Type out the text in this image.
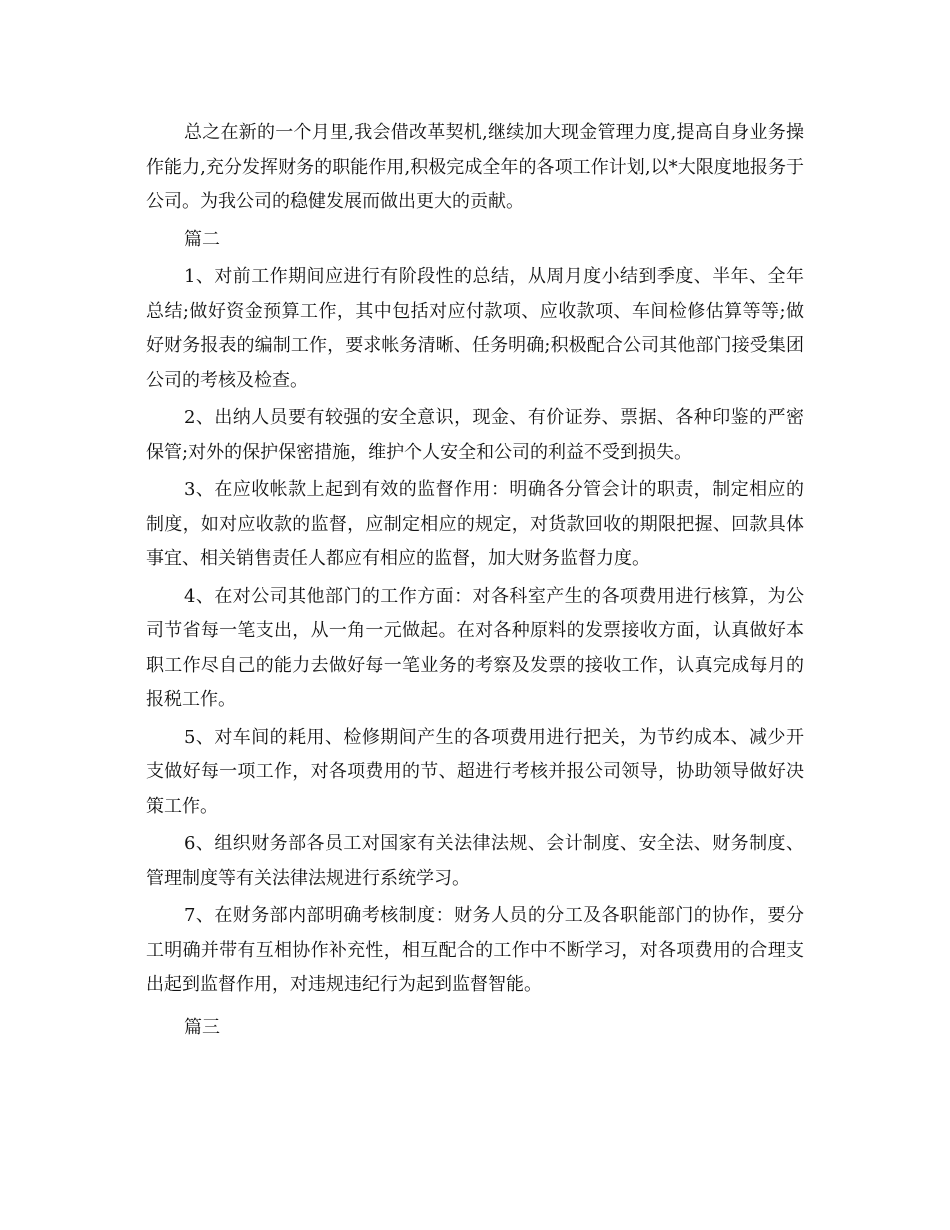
总之在新的一个月里,我会借改革契机,继续加大现金管理力度,提高自身业务操作能力,充分发挥财务的职能作用,积极完成全年的各项工作计划,以*大限度地报务于公司。为我公司的稳健发展而做出更大的贡献。

篇二

1、对前工作期间应进行有阶段性的总结，从周月度小结到季度、半年、全年总结;做好资金预算工作，其中包括对应付款项、应收款项、车间检修估算等等;做好财务报表的编制工作，要求帐务清晰、任务明确;积极配合公司其他部门接受集团公司的考核及检查。

2、出纳人员要有较强的安全意识，现金、有价证券、票据、各种印鉴的严密保管;对外的保护保密措施，维护个人安全和公司的利益不受到损失。

3、在应收帐款上起到有效的监督作用：明确各分管会计的职责，制定相应的制度，如对应收款的监督，应制定相应的规定，对货款回收的期限把握、回款具体事宜、相关销售责任人都应有相应的监督，加大财务监督力度。

4、在对公司其他部门的工作方面：对各科室产生的各项费用进行核算，为公司节省每一笔支出，从一角一元做起。在对各种原料的发票接收方面，认真做好本职工作尽自己的能力去做好每一笔业务的考察及发票的接收工作，认真完成每月的报税工作。

5、对车间的耗用、检修期间产生的各项费用进行把关，为节约成本、减少开支做好每一项工作，对各项费用的节、超进行考核并报公司领导，协助领导做好决策工作。

6、组织财务部各员工对国家有关法律法规、会计制度、安全法、财务制度、管理制度等有关法律法规进行系统学习。

7、在财务部内部明确考核制度：财务人员的分工及各职能部门的协作，要分工明确并带有互相协作补充性，相互配合的工作中不断学习，对各项费用的合理支出起到监督作用，对违规违纪行为起到监督智能。

篇三
